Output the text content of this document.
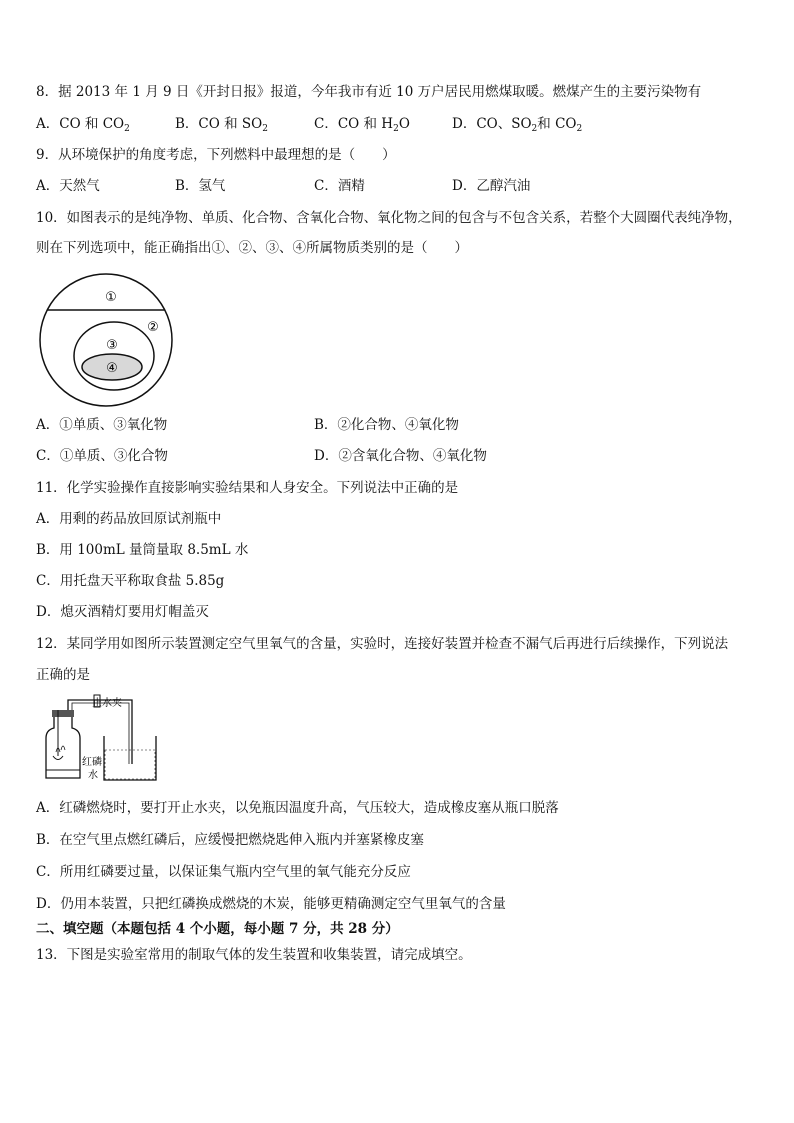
8．据 2013 年 1 月 9 日《开封日报》报道，今年我市有近 10 万户居民用燃煤取暖。燃煤产生的主要污染物有
A．CO 和 $CO_2$	B．CO 和 $SO_2$	C．CO 和 $H_2O$	D．CO、$SO_2$和 $CO_2$
9．从环境保护的角度考虑，下列燃料中最理想的是（　　）
A．天然气	B．氢气	C．酒精	D．乙醇汽油
10．如图表示的是纯净物、单质、化合物、含氧化合物、氧化物之间的包含与不包含关系，若整个大圆圈代表纯净物，
则在下列选项中，能正确指出①、②、③、④所属物质类别的是（　　）
①
②
③
④
A．①单质、③氧化物	B．②化合物、④氧化物
C．①单质、③化合物	D．②含氧化合物、④氧化物
11．化学实验操作直接影响实验结果和人身安全。下列说法中正确的是
A．用剩的药品放回原试剂瓶中
B．用 100mL 量筒量取 8.5mL 水
C．用托盘天平称取食盐 5.85g
D．熄灭酒精灯要用灯帽盖灭
12．某同学用如图所示装置测定空气里氧气的含量，实验时，连接好装置并检查不漏气后再进行后续操作，下列说法
正确的是
止水夹
红磷
水
A．红磷燃烧时，要打开止水夹，以免瓶因温度升高，气压较大，造成橡皮塞从瓶口脱落
B．在空气里点燃红磷后，应缓慢把燃烧匙伸入瓶内并塞紧橡皮塞
C．所用红磷要过量，以保证集气瓶内空气里的氧气能充分反应
D．仍用本装置，只把红磷换成燃烧的木炭，能够更精确测定空气里氧气的含量
二、填空题（本题包括 4 个小题，每小题 7 分，共 28 分）
13．下图是实验室常用的制取气体的发生装置和收集装置，请完成填空。
